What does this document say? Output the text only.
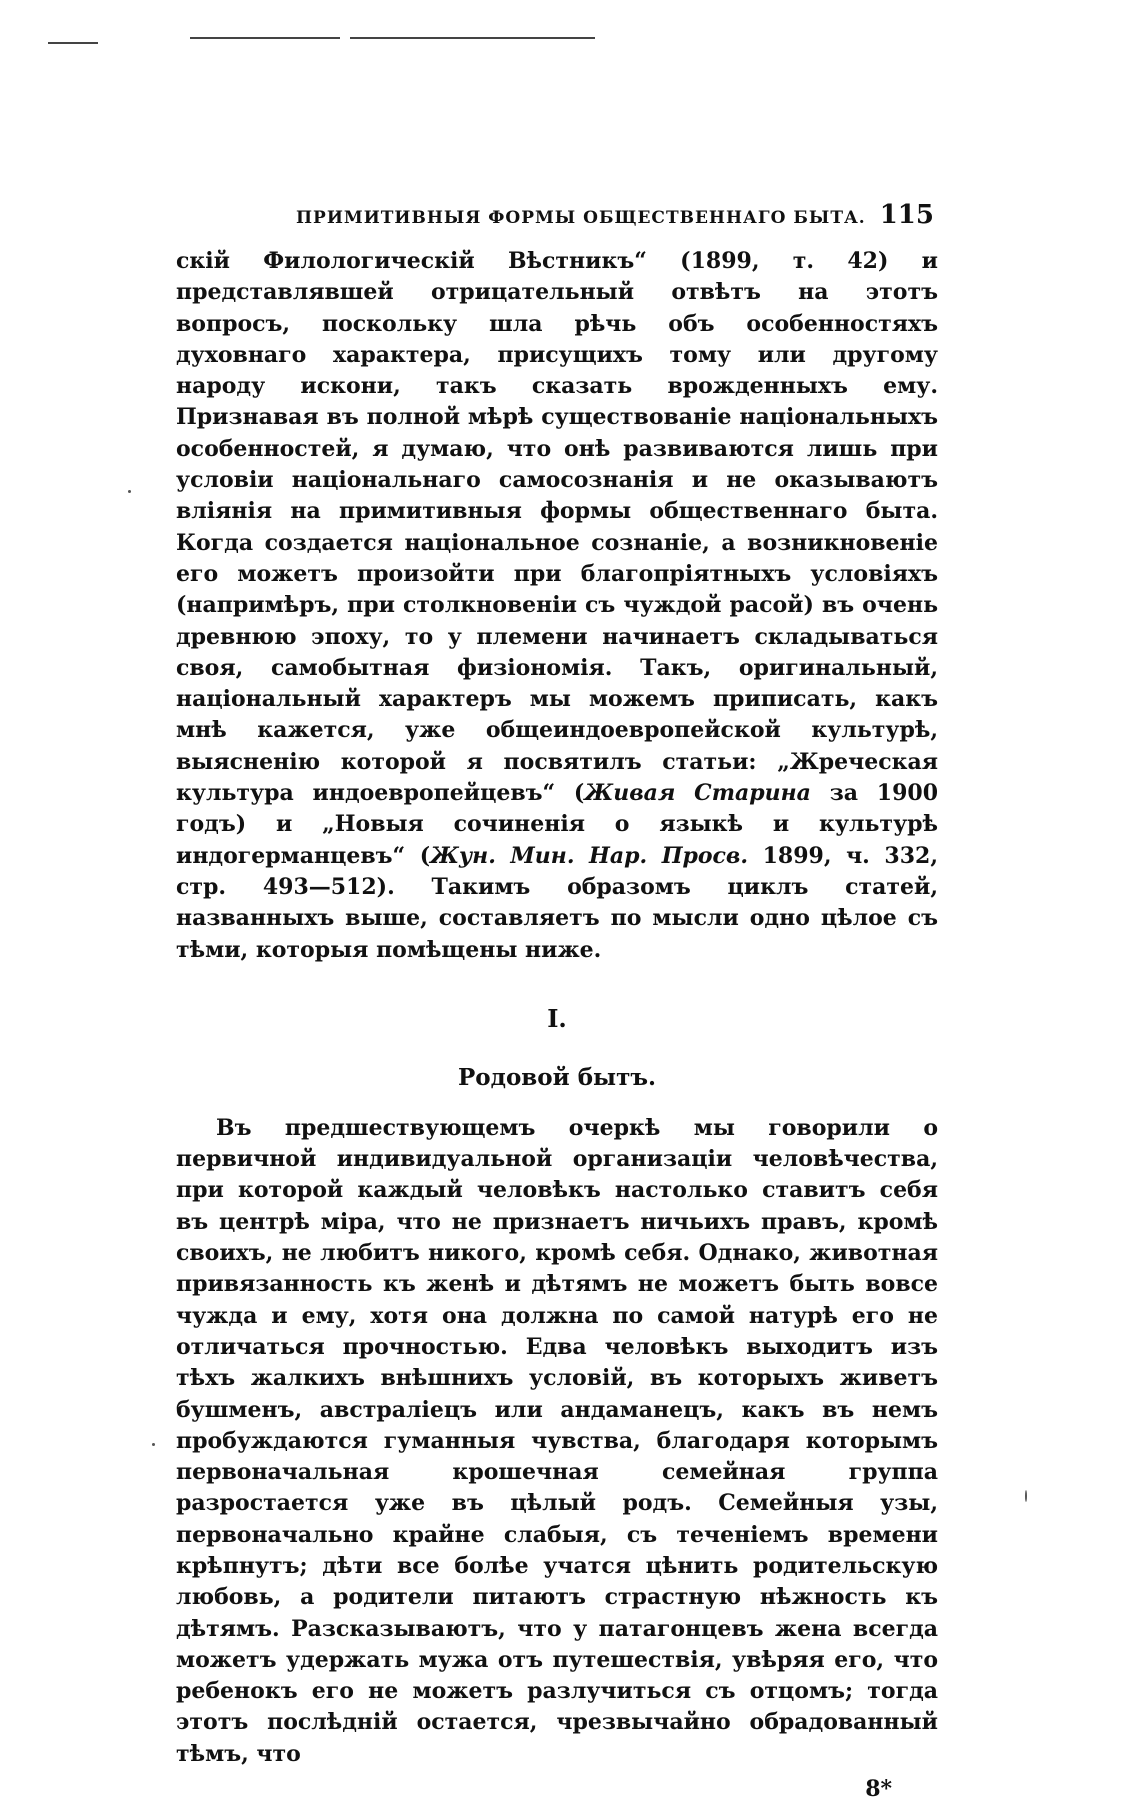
ПРИМИТИВНЫЯ ФОРМЫ ОБЩЕСТВЕННАГО БЫТА. 115

скій Филологическій Вѣстникъ“ (1899, т. 42) и представлявшей отрицательный отвѣтъ на этотъ вопросъ, поскольку шла рѣчь объ особенностяхъ духовнаго характера, присущихъ тому или другому народу искони, такъ сказать врожденныхъ ему. Признавая въ полной мѣрѣ существованіе національныхъ особенностей, я думаю, что онѣ развиваются лишь при условіи національнаго самосознанія и не оказываютъ вліянія на примитивныя формы общественнаго быта. Когда создается національное сознаніе, а возникновеніе его можетъ произойти при благопріятныхъ условіяхъ (напримѣръ, при столкновеніи съ чуждой расой) въ очень древнюю эпоху, то у племени начинаетъ складываться своя, самобытная физіономія. Такъ, оригинальный, національный характеръ мы можемъ приписать, какъ мнѣ кажется, уже общеиндоевропейской культурѣ, выясненію которой я посвятилъ статьи: „Жреческая культура индоевропейцевъ“ (Живая Старина за 1900 годъ) и „Новыя сочиненія о языкѣ и культурѣ индогерманцевъ“ (Жун. Мин. Нар. Просв. 1899, ч. 332, стр. 493—512). Такимъ образомъ циклъ статей, названныхъ выше, составляетъ по мысли одно цѣлое съ тѣми, которыя помѣщены ниже.

I.
Родовой бытъ.

Въ предшествующемъ очеркѣ мы говорили о первичной индивидуальной организаціи человѣчества, при которой каждый человѣкъ настолько ставитъ себя въ центрѣ міра, что не признаетъ ничьихъ правъ, кромѣ своихъ, не любитъ никого, кромѣ себя. Однако, животная привязанность къ женѣ и дѣтямъ не можетъ быть вовсе чужда и ему, хотя она должна по самой натурѣ его не отличаться прочностью. Едва человѣкъ выходитъ изъ тѣхъ жалкихъ внѣшнихъ условій, въ которыхъ живетъ бушменъ, австраліецъ или андаманецъ, какъ въ немъ пробуждаются гуманныя чувства, благодаря которымъ первоначальная крошечная семейная группа разростается уже въ цѣлый родъ. Семейныя узы, первоначально крайне слабыя, съ теченіемъ времени крѣпнутъ; дѣти все болѣе учатся цѣнить родительскую любовь, а родители питаютъ страстную нѣжность къ дѣтямъ. Разсказываютъ, что у патагонцевъ жена всегда можетъ удержать мужа отъ путешествія, увѣряя его, что ребенокъ его не можетъ разлучиться съ отцомъ; тогда этотъ послѣдній остается, чрезвычайно обрадованный тѣмъ, что

8*
